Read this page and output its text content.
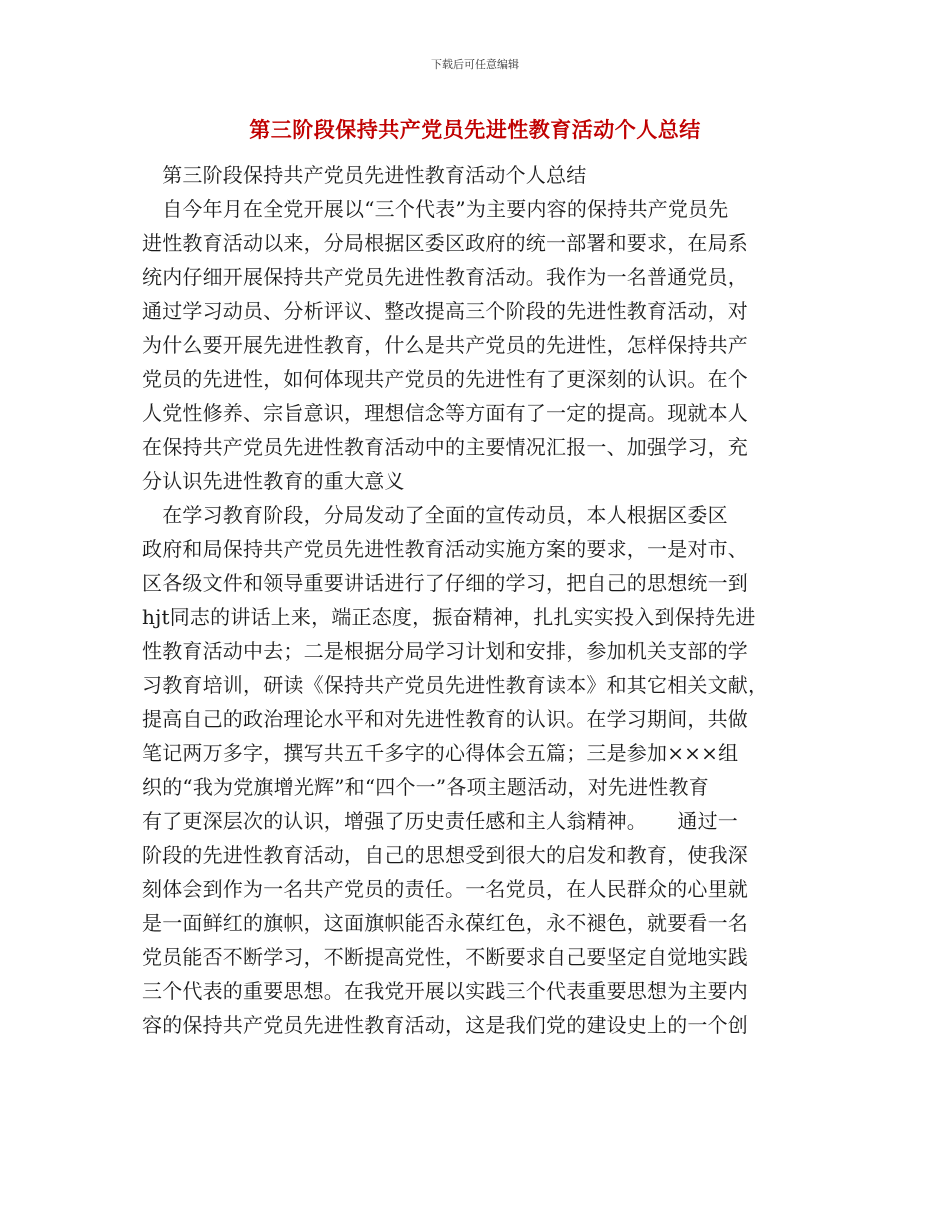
下载后可任意编辑
第三阶段保持共产党员先进性教育活动个人总结
　第三阶段保持共产党员先进性教育活动个人总结
　自今年月在全党开展以“三个代表”为主要内容的保持共产党员先
进性教育活动以来，分局根据区委区政府的统一部署和要求，在局系
统内仔细开展保持共产党员先进性教育活动。我作为一名普通党员，
通过学习动员、分析评议、整改提高三个阶段的先进性教育活动，对
为什么要开展先进性教育，什么是共产党员的先进性，怎样保持共产
党员的先进性，如何体现共产党员的先进性有了更深刻的认识。在个
人党性修养、宗旨意识，理想信念等方面有了一定的提高。现就本人
在保持共产党员先进性教育活动中的主要情况汇报一、加强学习，充
分认识先进性教育的重大意义
　在学习教育阶段，分局发动了全面的宣传动员，本人根据区委区
政府和局保持共产党员先进性教育活动实施方案的要求，一是对市、
区各级文件和领导重要讲话进行了仔细的学习，把自己的思想统一到
hjt同志的讲话上来，端正态度，振奋精神，扎扎实实投入到保持先进
性教育活动中去；二是根据分局学习计划和安排，参加机关支部的学
习教育培训，研读《保持共产党员先进性教育读本》和其它相关文献，
提高自己的政治理论水平和对先进性教育的认识。在学习期间，共做
笔记两万多字，撰写共五千多字的心得体会五篇；三是参加×××组
织的“我为党旗增光辉”和“四个一”各项主题活动，对先进性教育
有了更深层次的认识，增强了历史责任感和主人翁精神。　　通过一
阶段的先进性教育活动，自己的思想受到很大的启发和教育，使我深
刻体会到作为一名共产党员的责任。一名党员，在人民群众的心里就
是一面鲜红的旗帜，这面旗帜能否永葆红色，永不褪色，就要看一名
党员能否不断学习，不断提高党性，不断要求自己要坚定自觉地实践
三个代表的重要思想。在我党开展以实践三个代表重要思想为主要内
容的保持共产党员先进性教育活动，这是我们党的建设史上的一个创
